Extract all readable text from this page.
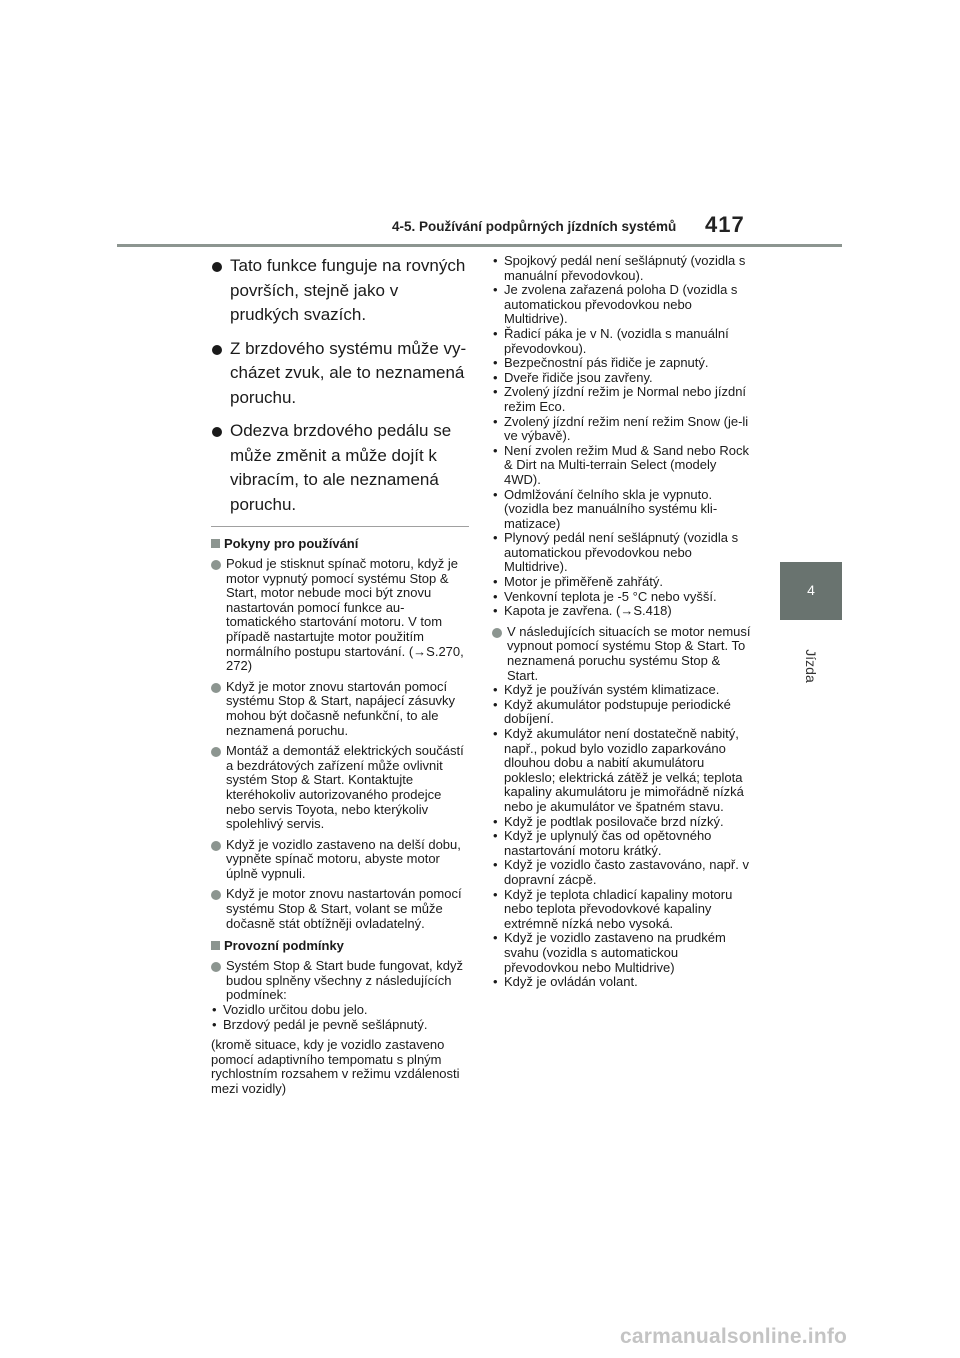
4-5. Používání podpůrných jízdních systémů 417
4
Jízda
Tato funkce funguje na rovných površích, stejně jako v prudkých svazích.
Z brzdového systému může vycházet zvuk, ale to neznamená poruchu.
Odezva brzdového pedálu se může změnit a může dojít k vibracím, to ale neznamená poruchu.
Pokyny pro používání
Pokud je stisknut spínač motoru, když je motor vypnutý pomocí systému Stop & Start, motor nebude moci být znovu nastartován pomocí funkce automatického startování motoru. V tom případě nastartujte motor použitím normálního postupu startování. (→S.270, 272)
Když je motor znovu startován pomocí systému Stop & Start, napájecí zásuvky mohou být dočasně nefunkční, to ale neznamená poruchu.
Montáž a demontáž elektrických součástí a bezdrátových zařízení může ovlivnit systém Stop & Start. Kontaktujte kteréhokoliv autorizovaného prodejce nebo servis Toyota, nebo kterýkoliv spolehlivý servis.
Když je vozidlo zastaveno na delší dobu, vypněte spínač motoru, abyste motor úplně vypnuli.
Když je motor znovu nastartován pomocí systému Stop & Start, volant se může dočasně stát obtížněji ovladatelný.
Provozní podmínky
Systém Stop & Start bude fungovat, když budou splněny všechny z následujících podmínek:
• Vozidlo určitou dobu jelo.
• Brzdový pedál je pevně sešlápnutý.
(kromě situace, kdy je vozidlo zastaveno pomocí adaptivního tempomatu s plným rychlostním rozsahem v režimu vzdálenosti mezi vozidly)
• Spojkový pedál není sešlápnutý (vozidla s manuální převodovkou).
• Je zvolena zařazená poloha D (vozidla s automatickou převodovkou nebo Multidrive).
• Řadicí páka je v N. (vozidla s manuální převodovkou).
• Bezpečnostní pás řidiče je zapnutý.
• Dveře řidiče jsou zavřeny.
• Zvolený jízdní režim je Normal nebo jízdní režim Eco.
• Zvolený jízdní režim není režim Snow (je-li ve výbavě).
• Není zvolen režim Mud & Sand nebo Rock & Dirt na Multi-terrain Select (modely 4WD).
• Odmlžování čelního skla je vypnuto. (vozidla bez manuálního systému klimatizace)
• Plynový pedál není sešlápnutý (vozidla s automatickou převodovkou nebo Multidrive).
• Motor je přiměřeně zahřátý.
• Venkovní teplota je -5 °C nebo vyšší.
• Kapota je zavřena. (→S.418)
V následujících situacích se motor nemusí vypnout pomocí systému Stop & Start. To neznamená poruchu systému Stop & Start.
• Když je používán systém klimatizace.
• Když akumulátor podstupuje periodické dobíjení.
• Když akumulátor není dostatečně nabitý, např., pokud bylo vozidlo zaparkováno dlouhou dobu a nabití akumulátoru pokleslo; elektrická zátěž je velká; teplota kapaliny akumulátoru je mimořádně nízká nebo je akumulátor ve špatném stavu.
• Když je podtlak posilovače brzd nízký.
• Když je uplynulý čas od opětovného nastartování motoru krátký.
• Když je vozidlo často zastavováno, např. v dopravní zácpě.
• Když je teplota chladicí kapaliny motoru nebo teplota převodovkové kapaliny extrémně nízká nebo vysoká.
• Když je vozidlo zastaveno na prudkém svahu (vozidla s automatickou převodovkou nebo Multidrive)
• Když je ovládán volant.
carmanualsonline.info
